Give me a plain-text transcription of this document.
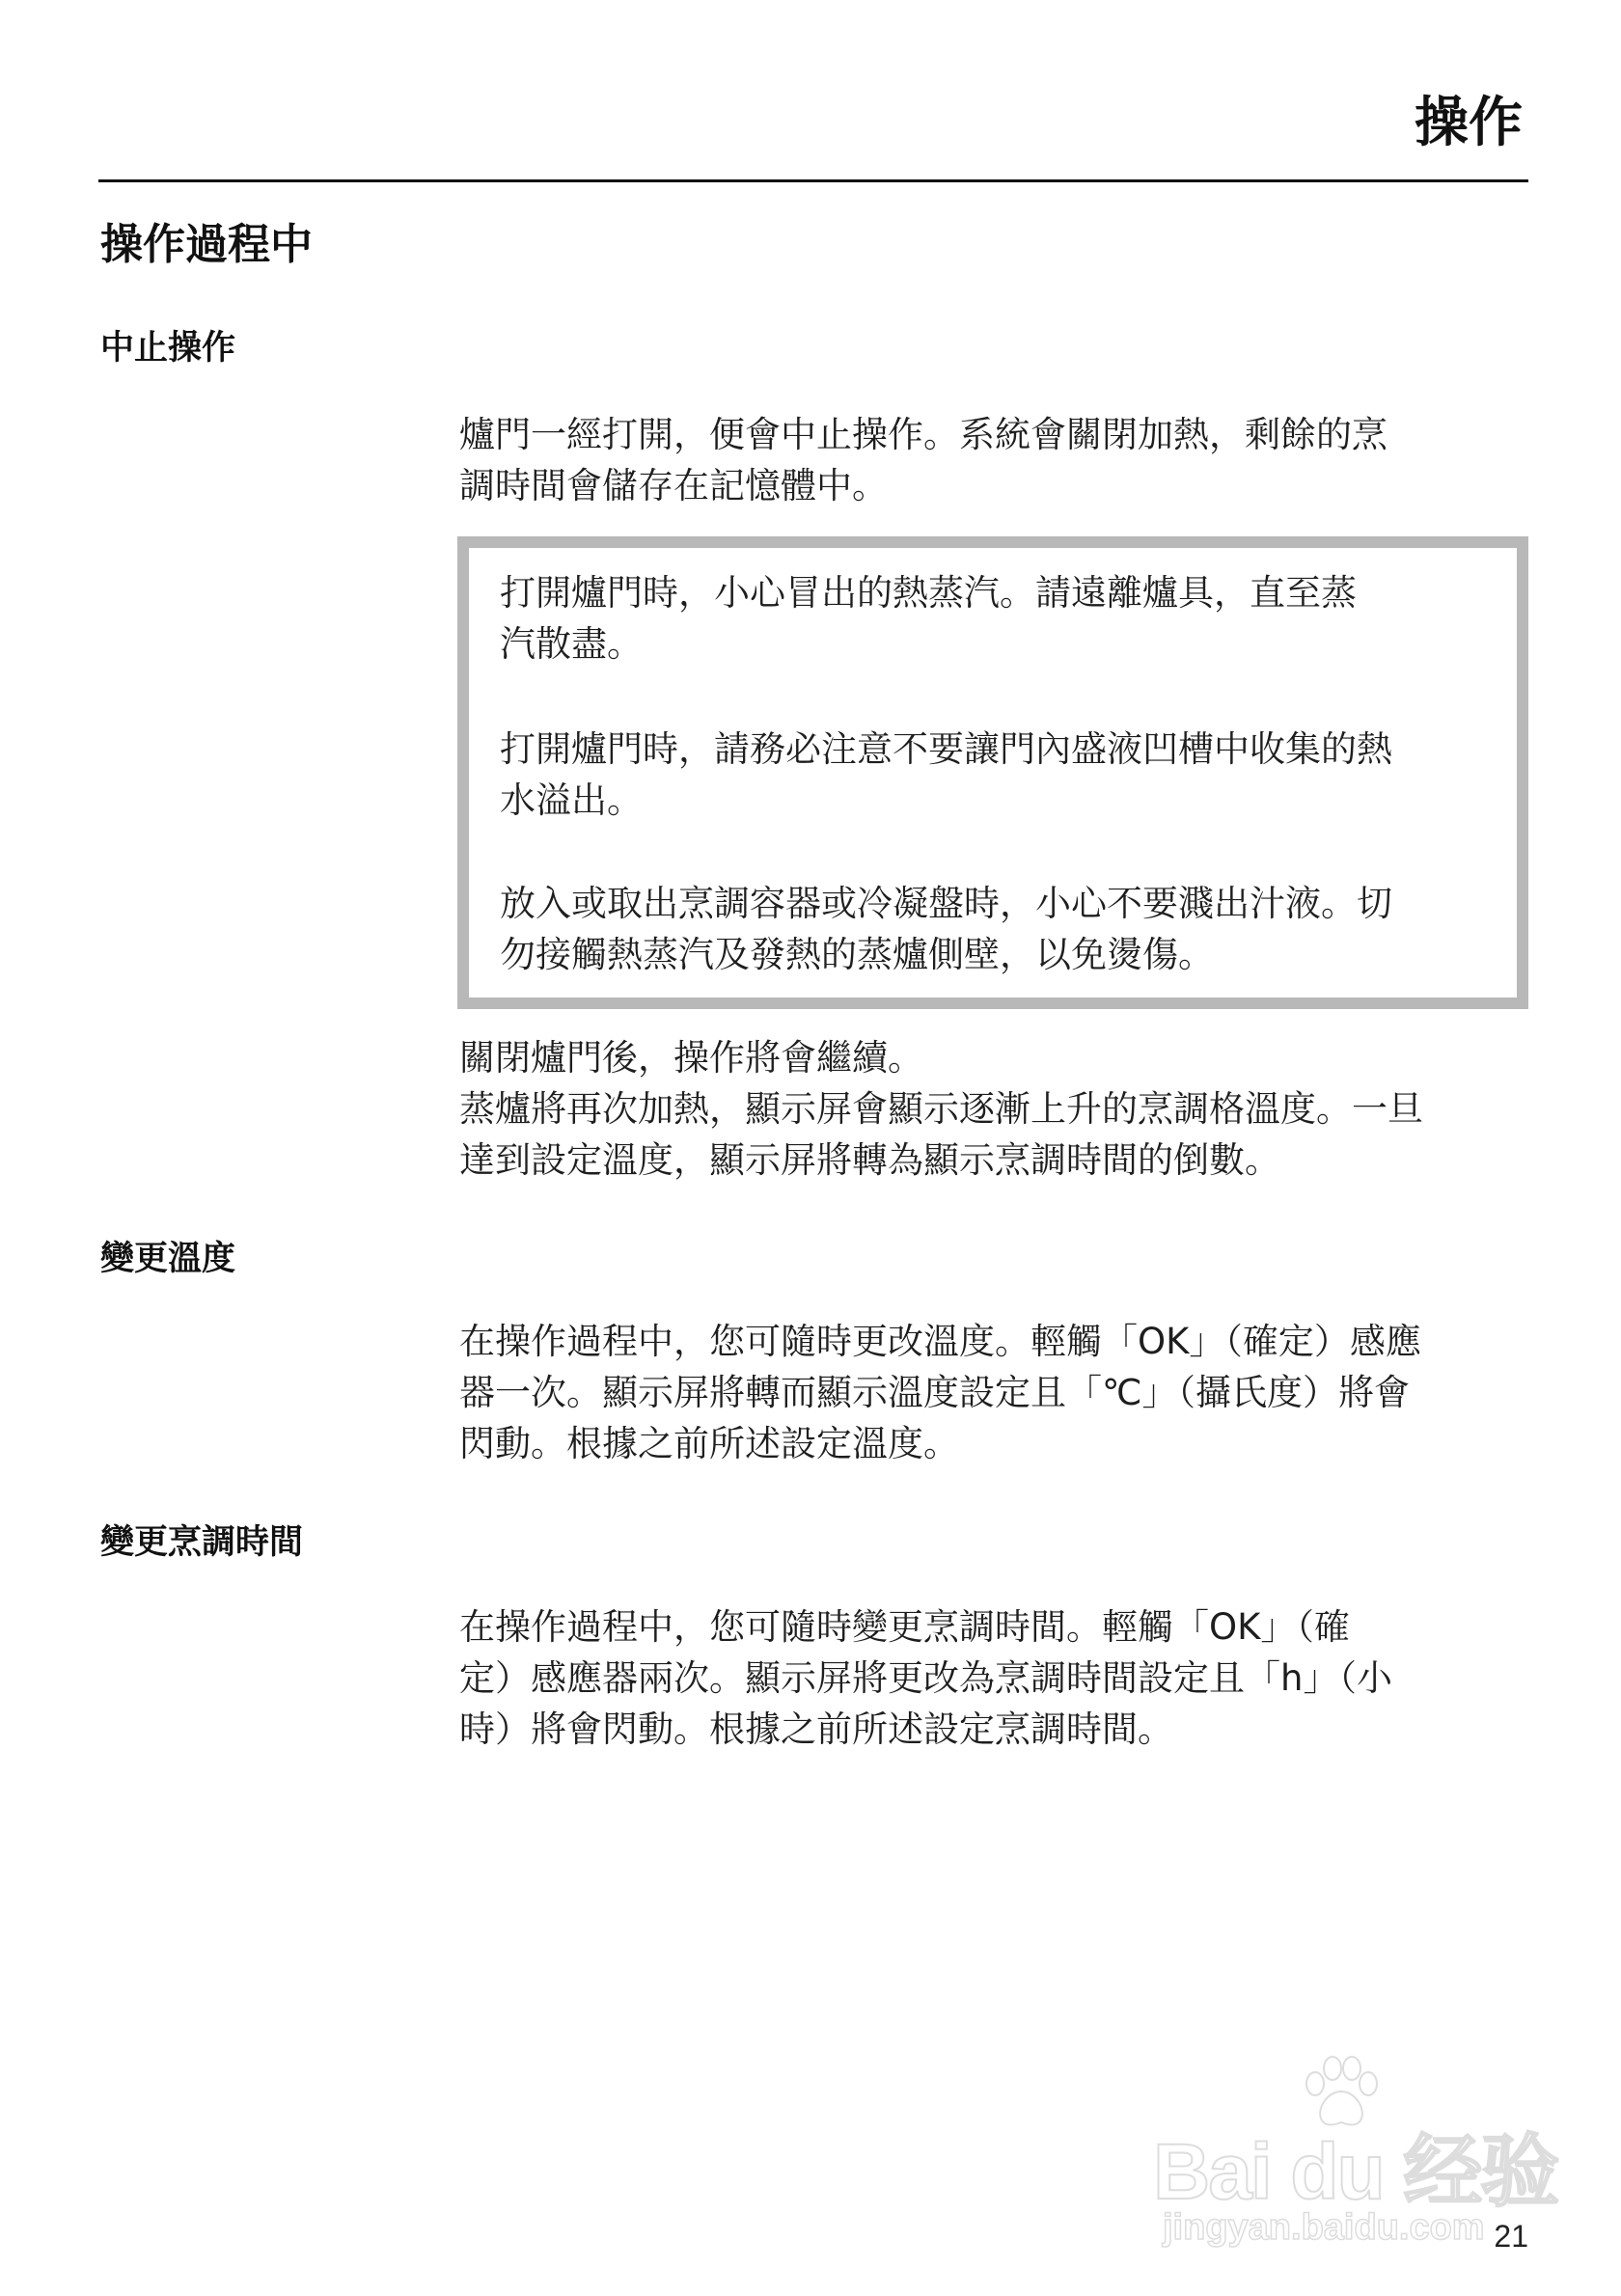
操作
操作過程中
中止操作

爐門一經打開，便會中止操作。系統會關閉加熱，剩餘的烹
調時間會儲存在記憶體中。

打開爐門時，小心冒出的熱蒸汽。請遠離爐具，直至蒸
汽散盡。

打開爐門時，請務必注意不要讓門內盛液凹槽中收集的熱
水溢出。

放入或取出烹調容器或冷凝盤時，小心不要濺出汁液。切
勿接觸熱蒸汽及發熱的蒸爐側壁，以免燙傷。

關閉爐門後，操作將會繼續。
蒸爐將再次加熱，顯示屏會顯示逐漸上升的烹調格溫度。一旦
達到設定溫度，顯示屏將轉為顯示烹調時間的倒數。

變更溫度

在操作過程中，您可隨時更改溫度。輕觸「OK」（確定）感應
器一次。顯示屏將轉而顯示溫度設定且「℃」（攝氏度）將會
閃動。根據之前所述設定溫度。

變更烹調時間

在操作過程中，您可隨時變更烹調時間。輕觸「OK」（確
定）感應器兩次。顯示屏將更改為烹調時間設定且「h」（小
時）將會閃動。根據之前所述設定烹調時間。

Bai du 经验
jingyan.baidu.com 21
